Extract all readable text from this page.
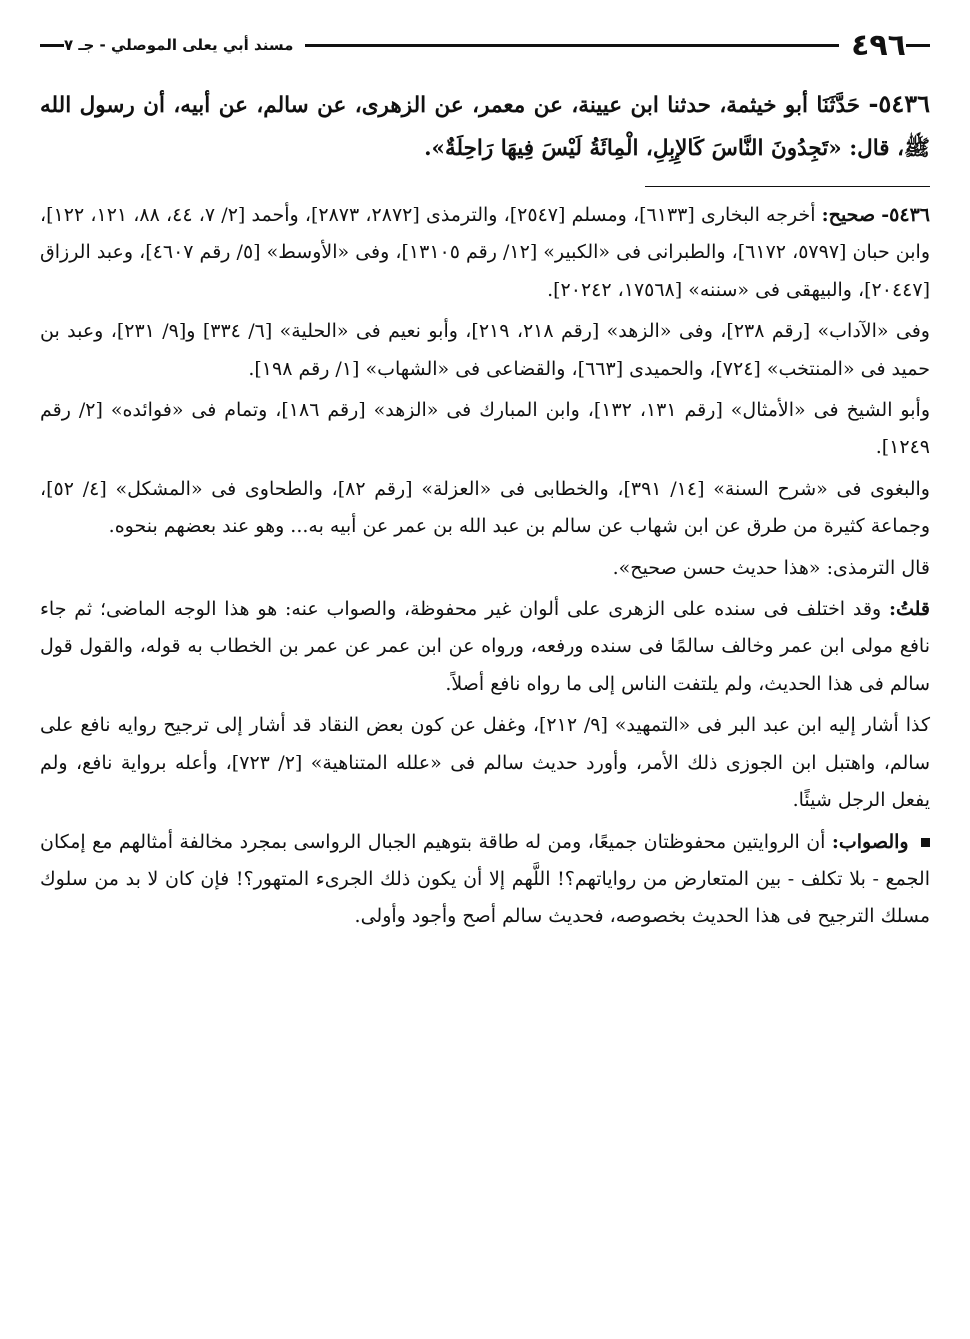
٤٩٦
مسند أبي يعلى الموصلي - جـ ٧
٥٤٣٦- حَدَّثَنَا أبو خيثمة، حدثنا ابن عيينة، عن معمر، عن الزهرى، عن سالم، عن أبيه، أن رسول الله ﷺ، قال: «تَجِدُونَ النَّاسَ كَالإِبِلِ، الْمِائَةُ لَيْسَ فِيهَا رَاحِلَةٌ».

٥٤٣٦- صحيح: أخرجه البخارى [٦١٣٣]، ومسلم [٢٥٤٧]، والترمذى [٢٨٧٢، ٢٨٧٣]، وأحمد [٢/ ٧، ٤٤، ٨٨، ١٢١، ١٢٢]، وابن حبان [٥٧٩٧، ٦١٧٢]، والطبرانى فى «الكبير» [١٢/ رقم ١٣١٠٥]، وفى «الأوسط» [٥/ رقم ٤٦٠٧]، وعبد الرزاق [٢٠٤٤٧]، والبيهقى فى «سننه» [١٧٥٦٨، ٢٠٢٤٢].

وفى «الآداب» [رقم ٢٣٨]، وفى «الزهد» [رقم ٢١٨، ٢١٩]، وأبو نعيم فى «الحلية» [٦/ ٣٣٤] و[٩/ ٢٣١]، وعبد بن حميد فى «المنتخب» [٧٢٤]، والحميدى [٦٦٣]، والقضاعى فى «الشهاب» [١/ رقم ١٩٨].

وأبو الشيخ فى «الأمثال» [رقم ١٣١، ١٣٢]، وابن المبارك فى «الزهد» [رقم ١٨٦]، وتمام فى «فوائده» [٢/ رقم ١٢٤٩].

والبغوى فى «شرح السنة» [١٤/ ٣٩١]، والخطابى فى «العزلة» [رقم ٨٢]، والطحاوى فى «المشكل» [٤/ ٥٢]، وجماعة كثيرة من طرق عن ابن شهاب عن سالم بن عبد الله بن عمر عن أبيه به... وهو عند بعضهم بنحوه.

قال الترمذى: «هذا حديث حسن صحيح».

قلتُ: وقد اختلف فى سنده على الزهرى على ألوان غير محفوظة، والصواب عنه: هو هذا الوجه الماضى؛ ثم جاء نافع مولى ابن عمر وخالف سالمًا فى سنده ورفعه، ورواه عن ابن عمر عن عمر بن الخطاب به قوله، والقول قول سالم فى هذا الحديث، ولم يلتفت الناس إلى ما رواه نافع أصلاً.

كذا أشار إليه ابن عبد البر فى «التمهيد» [٩/ ٢١٢]، وغفل عن كون بعض النقاد قد أشار إلى ترجيح روايه نافع على سالم، واهتبل ابن الجوزى ذلك الأمر، وأورد حديث سالم فى «علله المتناهية» [٢/ ٧٢٣]، وأعله برواية نافع، ولم يفعل الرجل شيئًا.

والصواب: أن الروايتين محفوظتان جميعًا، ومن له طاقة بتوهيم الجبال الرواسى بمجرد مخالفة أمثالهم مع إمكان الجمع - بلا تكلف - بين المتعارض من رواياتهم؟! اللَّهم إلا أن يكون ذلك الجرىء المتهور؟! فإن كان لا بد من سلوك مسلك الترجيح فى هذا الحديث بخصوصه، فحديث سالم أصح وأجود وأولى.
